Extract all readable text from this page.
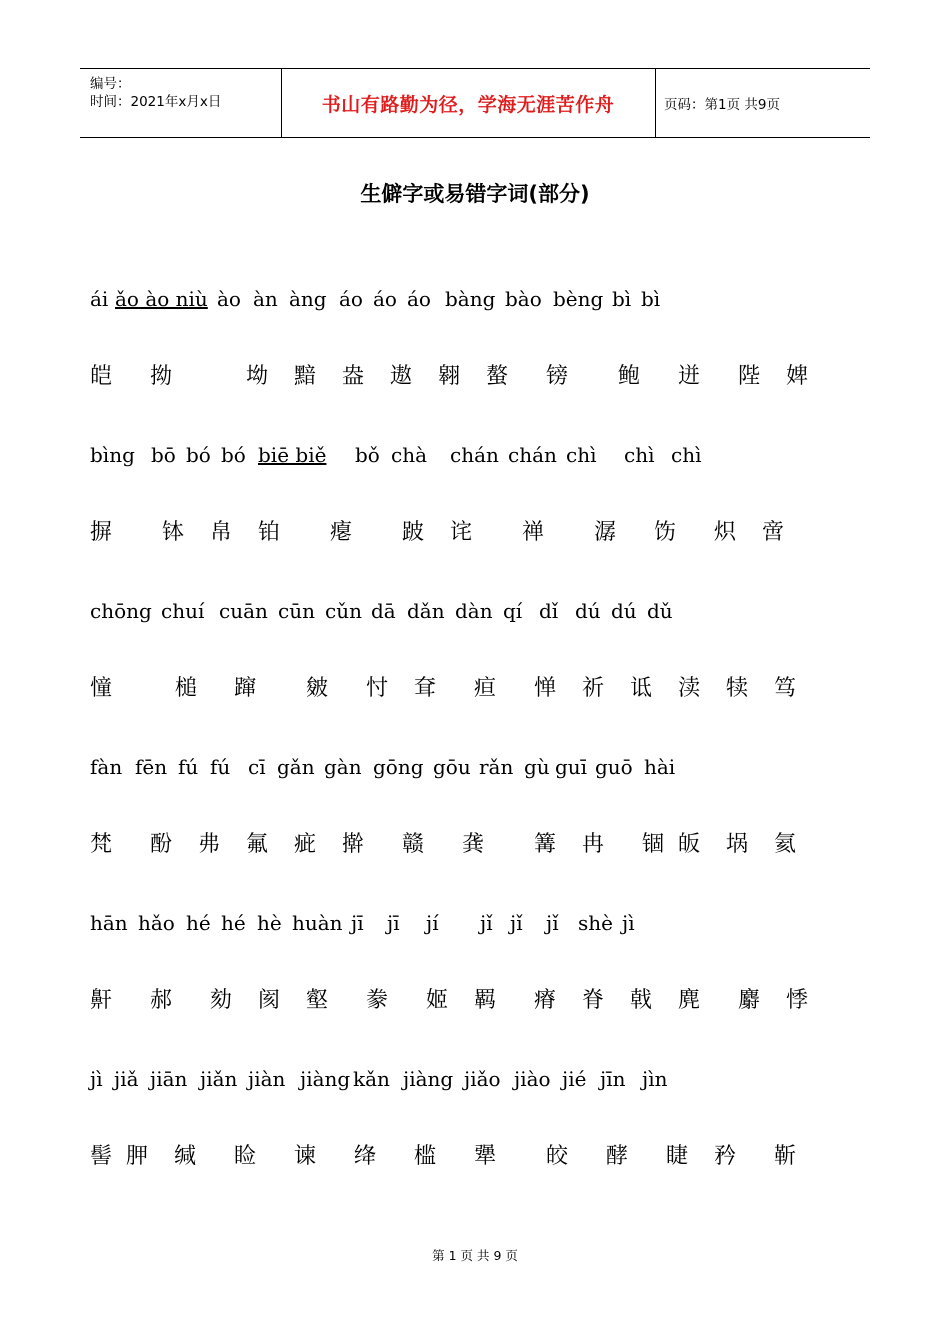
编号：
时间：2021年x月x日	书山有路勤为径，学海无涯苦作舟	页码：第1页 共9页
生僻字或易错字词(部分)
ái ǎo ào niù ào àn àng áo áo áo bàng bào bèng bì bì
皑 拗	坳 黯 盎 遨 翱 螯 镑 鲍 迸 陛 婢
bìng bō bó bó biē biě bǒ chà chán chán chì chì chì
摒 钵 帛 铂 瘪 跛 诧 禅 潺 饬 炽 啻
chōng chuí cuān cūn cǔn dā dǎn dàn qí dǐ dú dú dǔ
憧	槌 蹿 皴 忖 耷 疸 惮 祈 诋 渎 犊 笃
fàn fēn fú fú cī gǎn gàn gōng gōu rǎn gù guī guō hài
梵 酚 弗 氟 疵 擀 赣 龚 篝 冉 锢 皈 埚 氦
hān hǎo hé hé hè huàn jī jī jí jǐ jǐ jǐ shè jì
鼾 郝 劾 阂 壑 豢 姬 羁 瘠 脊 戟 麂 麝 悸
jì jiǎ jiān jiǎn jiàn jiàng kǎn jiàng jiǎo jiào jié jīn jìn
髻 胛 缄 睑 谏 绛 槛 犟 皎 酵 睫 矜 靳
第 1 页 共 9 页
